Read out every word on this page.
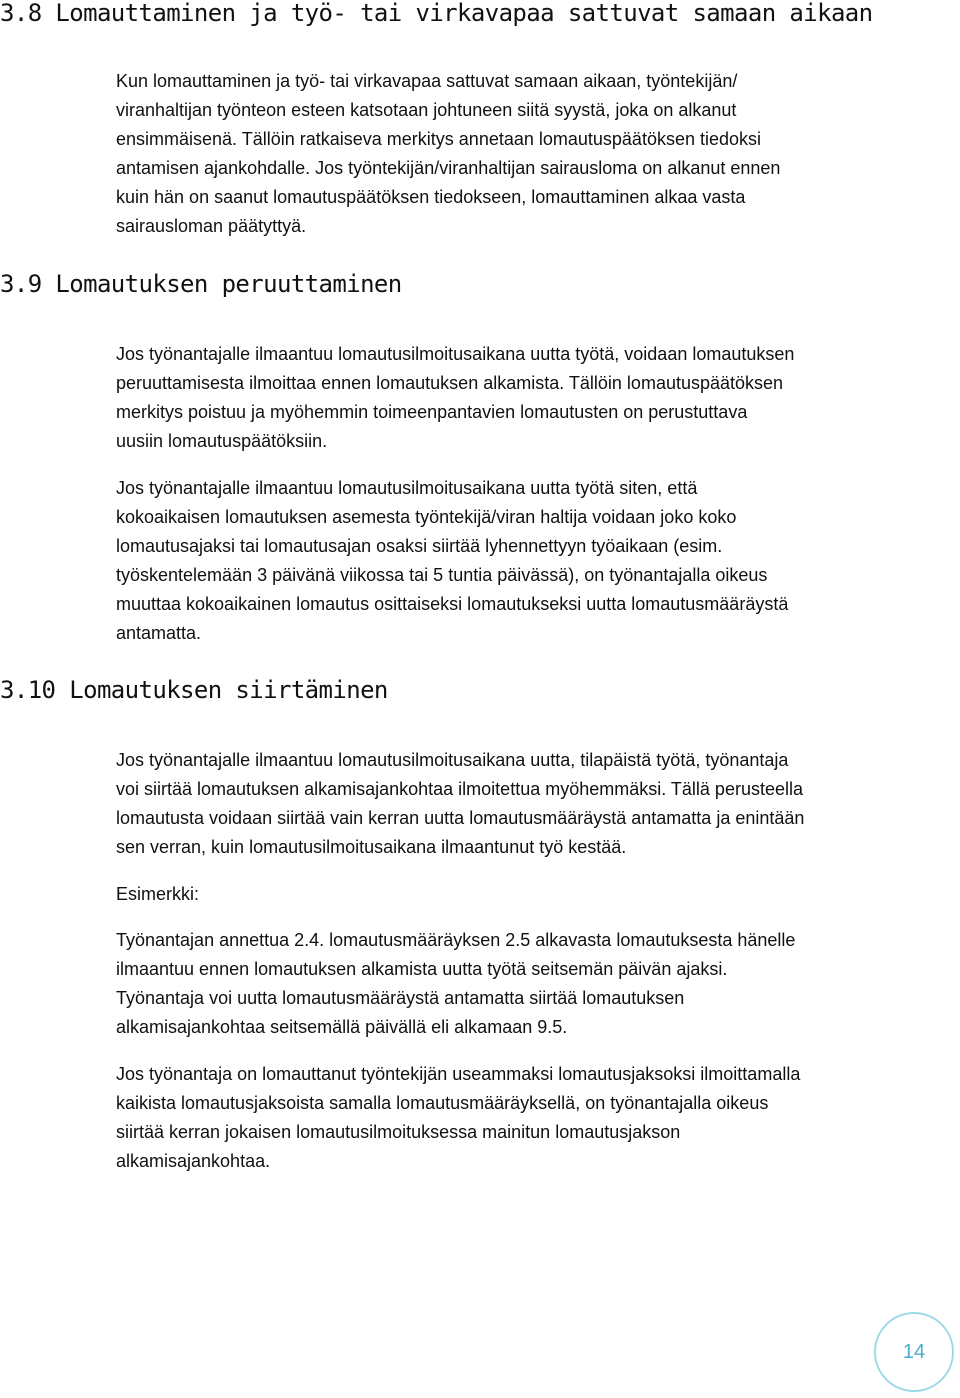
3.8 Lomauttaminen ja työ- tai virkavapaa sattuvat samaan aikaan

Kun lomauttaminen ja työ- tai virkavapaa sattuvat samaan aikaan, työntekijän/
viranhaltijan työnteon esteen katsotaan johtuneen siitä syystä, joka on alkanut
ensimmäisenä. Tällöin ratkaiseva merkitys annetaan lomautuspäätöksen tiedoksi
antamisen ajankohdalle. Jos työntekijän/viranhaltijan sairausloma on alkanut ennen
kuin hän on saanut lomautuspäätöksen tiedokseen, lomauttaminen alkaa vasta
sairausloman päätyttyä.

3.9 Lomautuksen peruuttaminen

Jos työnantajalle ilmaantuu lomautusilmoitusaikana uutta työtä, voidaan lomautuksen
peruuttamisesta ilmoittaa ennen lomautuksen alkamista. Tällöin lomautuspäätöksen
merkitys poistuu ja myöhemmin toimeenpantavien lomautusten on perustuttava
uusiin lomautuspäätöksiin.

Jos työnantajalle ilmaantuu lomautusilmoitusaikana uutta työtä siten, että
kokoaikaisen lomautuksen asemesta työntekijä/viran haltija voidaan joko koko
lomautusajaksi tai lomautusajan osaksi siirtää lyhennettyyn työaikaan (esim.
työskentelemään 3 päivänä viikossa tai 5 tuntia päivässä), on työnantajalla oikeus
muuttaa kokoaikainen lomautus osittaiseksi lomautukseksi uutta lomautusmääräystä
antamatta.

3.10 Lomautuksen siirtäminen

Jos työnantajalle ilmaantuu lomautusilmoitusaikana uutta, tilapäistä työtä, työnantaja
voi siirtää lomautuksen alkamisajankohtaa ilmoitettua myöhemmäksi. Tällä perusteella
lomautusta voidaan siirtää vain kerran uutta lomautusmääräystä antamatta ja enintään
sen verran, kuin lomautusilmoitusaikana ilmaantunut työ kestää.

Esimerkki:

Työnantajan annettua 2.4. lomautusmääräyksen 2.5 alkavasta lomautuksesta hänelle
ilmaantuu ennen lomautuksen alkamista uutta työtä seitsemän päivän ajaksi.
Työnantaja voi uutta lomautusmääräystä antamatta siirtää lomautuksen
alkamisajankohtaa seitsemällä päivällä eli alkamaan 9.5.

Jos työnantaja on lomauttanut työntekijän useammaksi lomautusjaksoksi ilmoittamalla
kaikista lomautusjaksoista samalla lomautusmääräyksellä, on työnantajalla oikeus
siirtää kerran jokaisen lomautusilmoituksessa mainitun lomautusjakson
alkamisajankohtaa.

14
